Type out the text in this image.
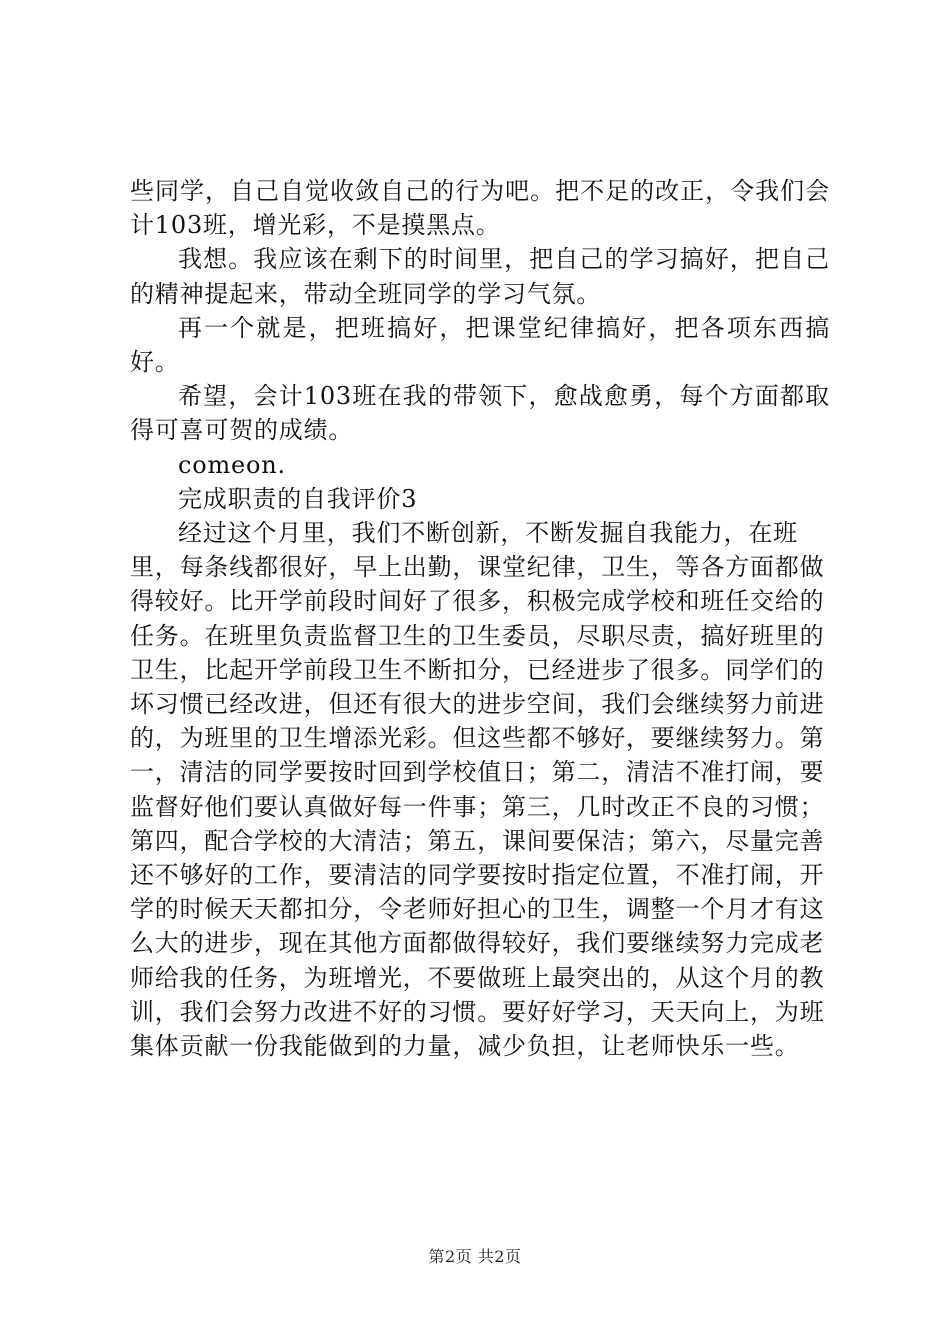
些同学，自己自觉收敛自己的行为吧。把不足的改正，令我们会计103班，增光彩，不是摸黑点。

我想。我应该在剩下的时间里，把自己的学习搞好，把自己的精神提起来，带动全班同学的学习气氛。

再一个就是，把班搞好，把课堂纪律搞好，把各项东西搞好。

希望，会计103班在我的带领下，愈战愈勇，每个方面都取得可喜可贺的成绩。

comeon.

完成职责的自我评价3

经过这个月里，我们不断创新，不断发掘自我能力，在班里，每条线都很好，早上出勤，课堂纪律，卫生，等各方面都做得较好。比开学前段时间好了很多，积极完成学校和班任交给的任务。在班里负责监督卫生的卫生委员，尽职尽责，搞好班里的卫生，比起开学前段卫生不断扣分，已经进步了很多。同学们的坏习惯已经改进，但还有很大的进步空间，我们会继续努力前进的，为班里的卫生增添光彩。但这些都不够好，要继续努力。第一，清洁的同学要按时回到学校值日；第二，清洁不准打闹，要监督好他们要认真做好每一件事；第三，几时改正不良的习惯；第四，配合学校的大清洁；第五，课间要保洁；第六，尽量完善还不够好的工作，要清洁的同学要按时指定位置，不准打闹，开学的时候天天都扣分，令老师好担心的卫生，调整一个月才有这么大的进步，现在其他方面都做得较好，我们要继续努力完成老师给我的任务，为班增光，不要做班上最突出的，从这个月的教训，我们会努力改进不好的习惯。要好好学习，天天向上，为班集体贡献一份我能做到的力量，减少负担，让老师快乐一些。

第2页 共2页
